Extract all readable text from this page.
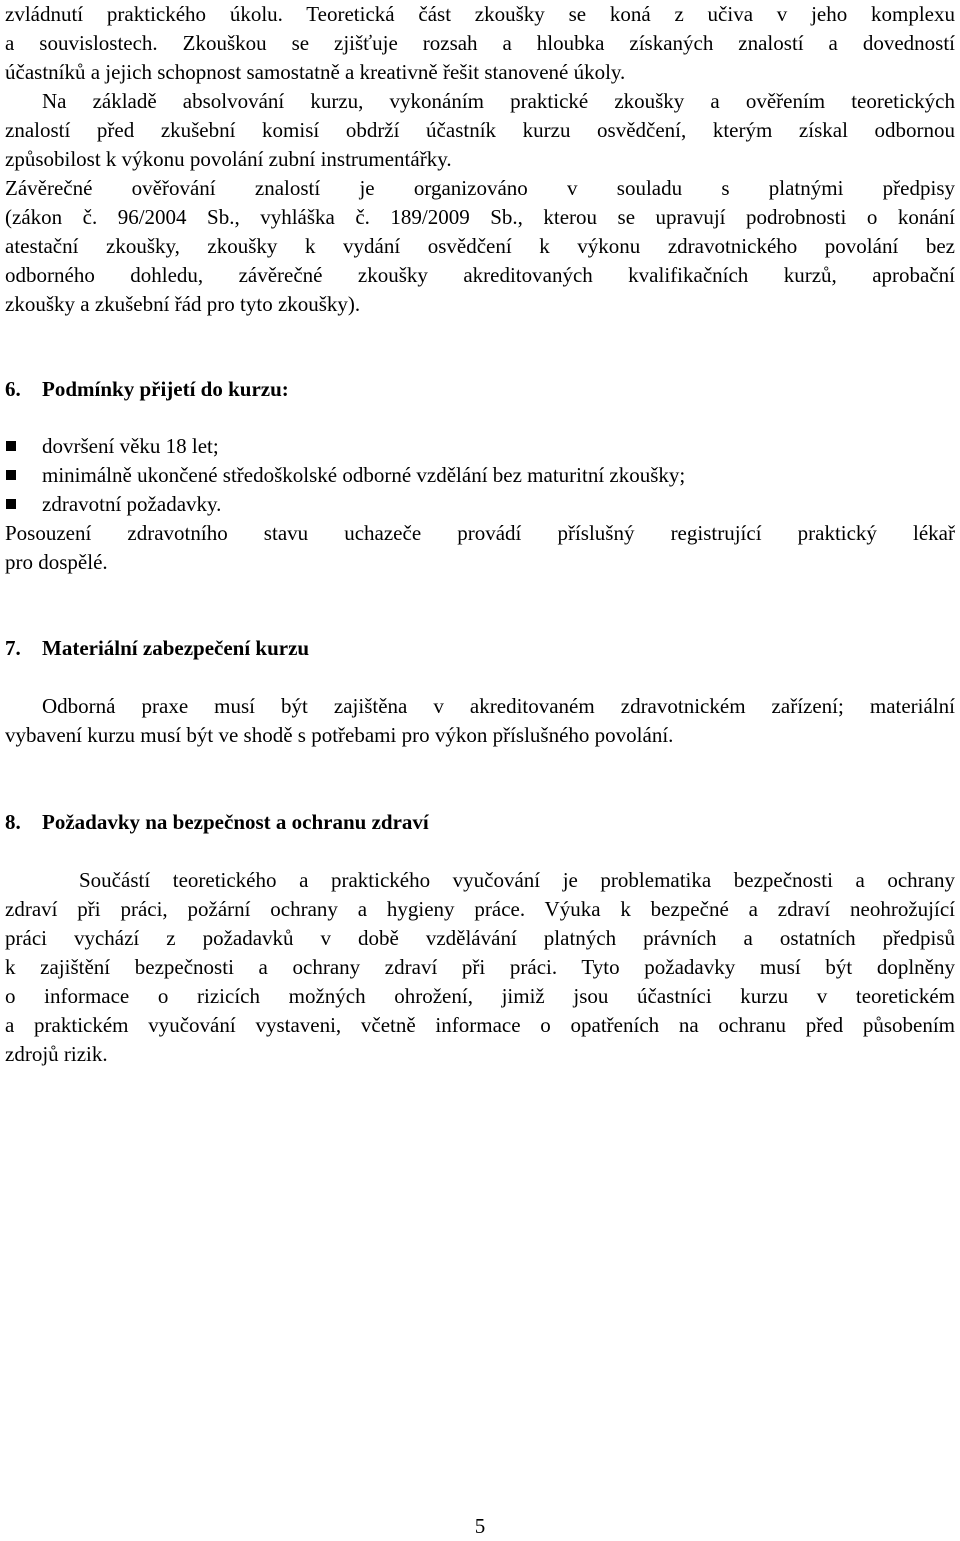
zvládnutí praktického úkolu. Teoretická část zkoušky se koná z učiva v jeho komplexu
a souvislostech. Zkouškou se zjišťuje rozsah a hloubka získaných znalostí a dovedností
účastníků a jejich schopnost samostatně a kreativně řešit stanovené úkoly.
Na základě absolvování kurzu, vykonáním praktické zkoušky a ověřením teoretických
znalostí před zkušební komisí obdrží účastník kurzu osvědčení, kterým získal odbornou
způsobilost k výkonu povolání zubní instrumentářky.
Závěrečné ověřování znalostí je organizováno v souladu s platnými předpisy
(zákon č. 96/2004 Sb., vyhláška č. 189/2009 Sb., kterou se upravují podrobnosti o konání
atestační zkoušky, zkoušky k vydání osvědčení k výkonu zdravotnického povolání bez
odborného dohledu, závěrečné zkoušky akreditovaných kvalifikačních kurzů, aprobační
zkoušky a zkušební řád pro tyto zkoušky).
6. Podmínky přijetí do kurzu:
dovršení věku 18 let;
minimálně ukončené středoškolské odborné vzdělání bez maturitní zkoušky;
zdravotní požadavky.
Posouzení zdravotního stavu uchazeče provádí příslušný registrující praktický lékař
pro dospělé.
7. Materiální zabezpečení kurzu
Odborná praxe musí být zajištěna v akreditovaném zdravotnickém zařízení; materiální
vybavení kurzu musí být ve shodě s potřebami pro výkon příslušného povolání.
8. Požadavky na bezpečnost a ochranu zdraví
Součástí teoretického a praktického vyučování je problematika bezpečnosti a ochrany
zdraví při práci, požární ochrany a hygieny práce. Výuka k bezpečné a zdraví neohrožující
práci vychází z požadavků v době vzdělávání platných právních a ostatních předpisů
k zajištění bezpečnosti a ochrany zdraví při práci. Tyto požadavky musí být doplněny
o informace o rizicích možných ohrožení, jimiž jsou účastníci kurzu v teoretickém
a praktickém vyučování vystaveni, včetně informace o opatřeních na ochranu před působením
zdrojů rizik.
5
